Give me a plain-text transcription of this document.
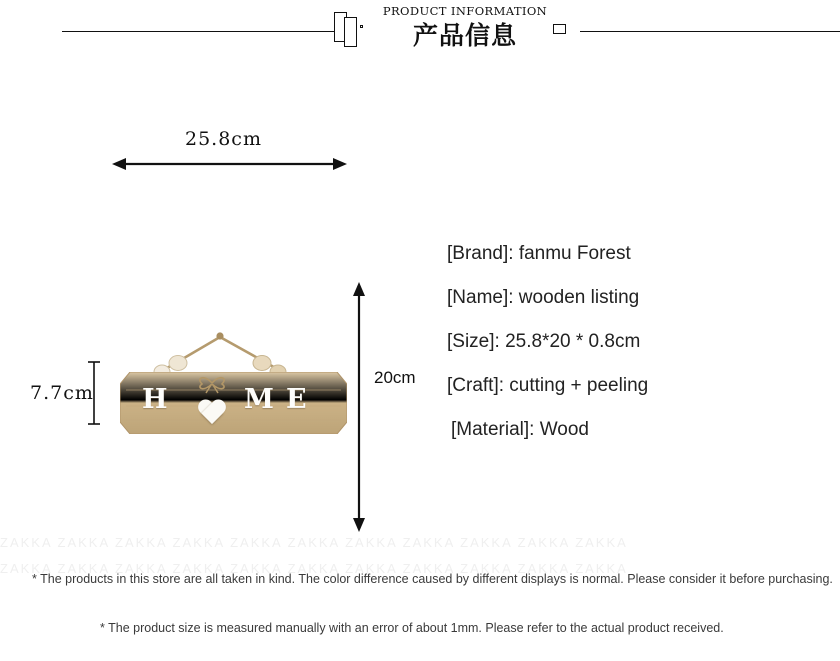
PRODUCT INFORMATION
产品信息
25.8cm
7.7cm
20cm
H	M E
ZAKKA ZAKKA ZAKKA ZAKKA ZAKKA ZAKKA ZAKKA ZAKKA ZAKKA ZAKKA ZAKKA
ZAKKA ZAKKA ZAKKA ZAKKA ZAKKA ZAKKA ZAKKA ZAKKA ZAKKA ZAKKA ZAKKA
* The products in this store are all taken in kind. The color difference caused by different displays is normal. Please consider it before purchasing.
* The product size is measured manually with an error of about 1mm. Please refer to the actual product received.
[Brand]: fanmu Forest
[Name]: wooden listing
[Size]: 25.8*20 * 0.8cm
[Craft]: cutting + peeling
[Material]: Wood
